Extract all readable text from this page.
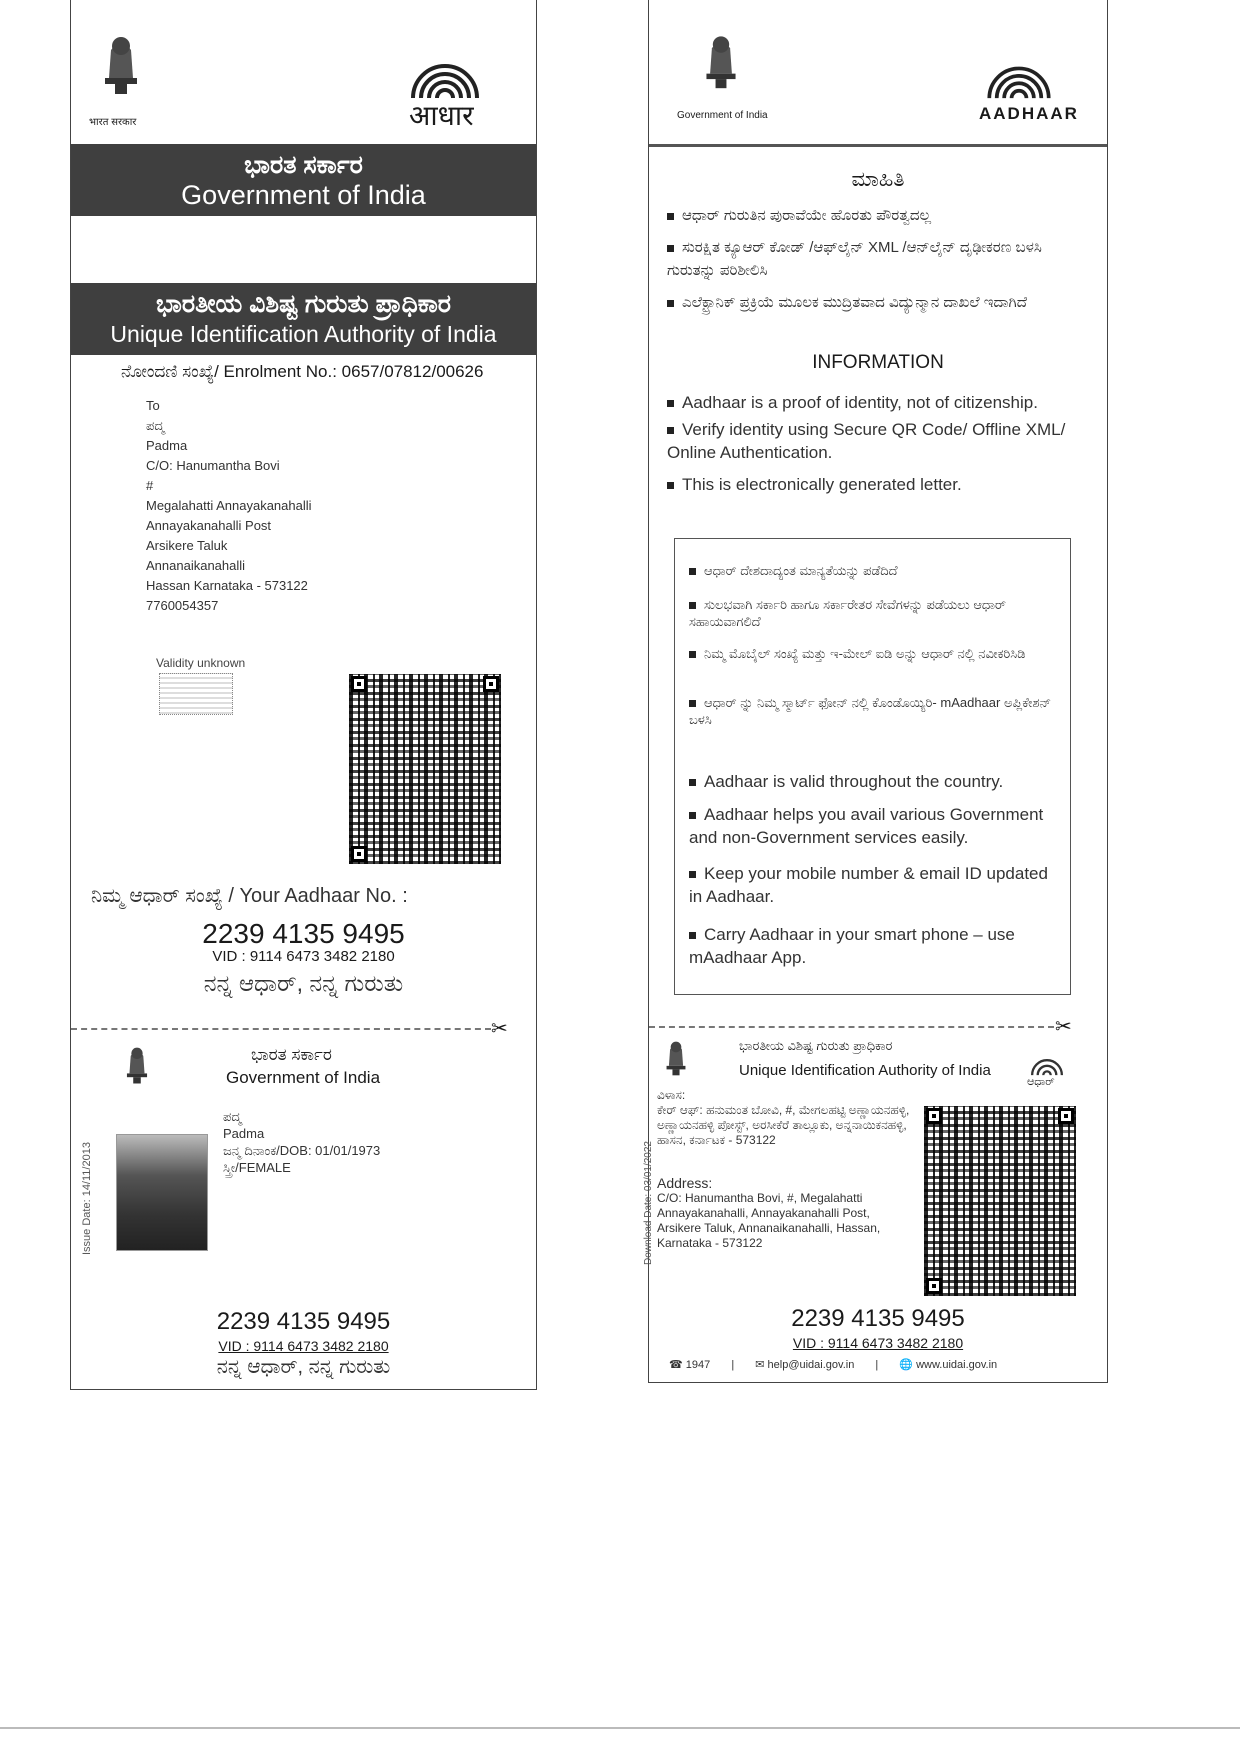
भारत सरकार	आधार
ಭಾರತ ಸರ್ಕಾರ
Government of India
ಭಾರತೀಯ ವಿಶಿಷ್ಟ ಗುರುತು ಪ್ರಾಧಿಕಾರ
Unique Identification Authority of India
ನೋಂದಣಿ ಸಂಖ್ಯೆ/ Enrolment No.: 0657/07812/00626
To
ಪದ್ಮ
Padma
C/O: Hanumantha Bovi
#
Megalahatti Annayakanahalli
Annayakanahalli Post
Arsikere Taluk
Annanaikanahalli
Hassan Karnataka - 573122
7760054357
Validity unknown
ನಿಮ್ಮ ಆಧಾರ್ ಸಂಖ್ಯೆ / Your Aadhaar No. :
2239 4135 9495
VID : 9114 6473 3482 2180
ನನ್ನ ಆಧಾರ್, ನನ್ನ ಗುರುತು
✂
ಭಾರತ ಸರ್ಕಾರ
Government of India
Issue Date: 14/11/2013
ಪದ್ಮ
Padma
ಜನ್ಮ ದಿನಾಂಕ/DOB: 01/01/1973
ಸ್ತ್ರೀ/FEMALE
2239 4135 9495
VID : 9114 6473 3482 2180
ನನ್ನ ಆಧಾರ್, ನನ್ನ ಗುರುತು
Government of India	AADHAAR
ಮಾಹಿತಿ
ಆಧಾರ್ ಗುರುತಿನ ಪುರಾವೆಯೇ ಹೊರತು ಪೌರತ್ವದಲ್ಲ
ಸುರಕ್ಷಿತ ಕ್ಯೂಆರ್ ಕೋಡ್ /ಆಫ್‌ಲೈನ್ XML /ಆನ್‌ಲೈನ್ ದೃಢೀಕರಣ ಬಳಸಿ ಗುರುತನ್ನು ಪರಿಶೀಲಿಸಿ
ಎಲೆಕ್ಟ್ರಾನಿಕ್ ಪ್ರಕ್ರಿಯೆ ಮೂಲಕ ಮುದ್ರಿತವಾದ ವಿದ್ಯುನ್ಮಾನ ದಾಖಲೆ ಇದಾಗಿದೆ
INFORMATION
Aadhaar is a proof of identity, not of citizenship.
Verify identity using Secure QR Code/ Offline XML/ Online Authentication.
This is electronically generated letter.
ಆಧಾರ್ ದೇಶದಾದ್ಯಂತ ಮಾನ್ಯತೆಯನ್ನು ಪಡೆದಿದೆ
ಸುಲಭವಾಗಿ ಸರ್ಕಾರಿ ಹಾಗೂ ಸರ್ಕಾರೇತರ ಸೇವೆಗಳನ್ನು ಪಡೆಯಲು ಆಧಾರ್ ಸಹಾಯವಾಗಲಿದೆ
ನಿಮ್ಮ ಮೊಬೈಲ್ ಸಂಖ್ಯೆ ಮತ್ತು ಇ-ಮೇಲ್ ಐಡಿ ಅನ್ನು ಆಧಾರ್ ನಲ್ಲಿ ನವೀಕರಿಸಿಡಿ
ಆಧಾರ್ ನ್ನು ನಿಮ್ಮ ಸ್ಮಾರ್ಟ್ ಫೋನ್ ನಲ್ಲಿ ಕೊಂಡೊಯ್ಯಿರಿ- mAadhaar ಅಪ್ಲಿಕೇಶನ್ ಬಳಸಿ
Aadhaar is valid throughout the country.
Aadhaar helps you avail various Government and non-Government services easily.
Keep your mobile number & email ID updated in Aadhaar.
Carry Aadhaar in your smart phone – use mAadhaar App.
✂
ಭಾರತೀಯ ವಿಶಿಷ್ಟ ಗುರುತು ಪ್ರಾಧಿಕಾರ
Unique Identification Authority of India
ಆಧಾರ್
Download Date: 03/01/2022
ವಿಳಾಸ:
ಕೇರ್ ಆಫ್: ಹನುಮಂತ ಬೋವಿ, #, ಮೇಗಲಹಟ್ಟಿ ಅಣ್ಣಾಯನಹಳ್ಳಿ, ಅಣ್ಣಾಯನಹಳ್ಳಿ ಪೋಸ್ಟ್, ಅರಸೀಕೆರೆ ತಾಲ್ಲೂಕು, ಅನ್ನನಾಯಿಕನಹಳ್ಳಿ, ಹಾಸನ, ಕರ್ನಾಟಕ - 573122
Address:
C/O: Hanumantha Bovi, #, Megalahatti Annayakanahalli, Annayakanahalli Post, Arsikere Taluk, Annanaikanahalli, Hassan, Karnataka - 573122
2239 4135 9495
VID : 9114 6473 3482 2180
☎ 1947 | ✉ help@uidai.gov.in | 🌐 www.uidai.gov.in
